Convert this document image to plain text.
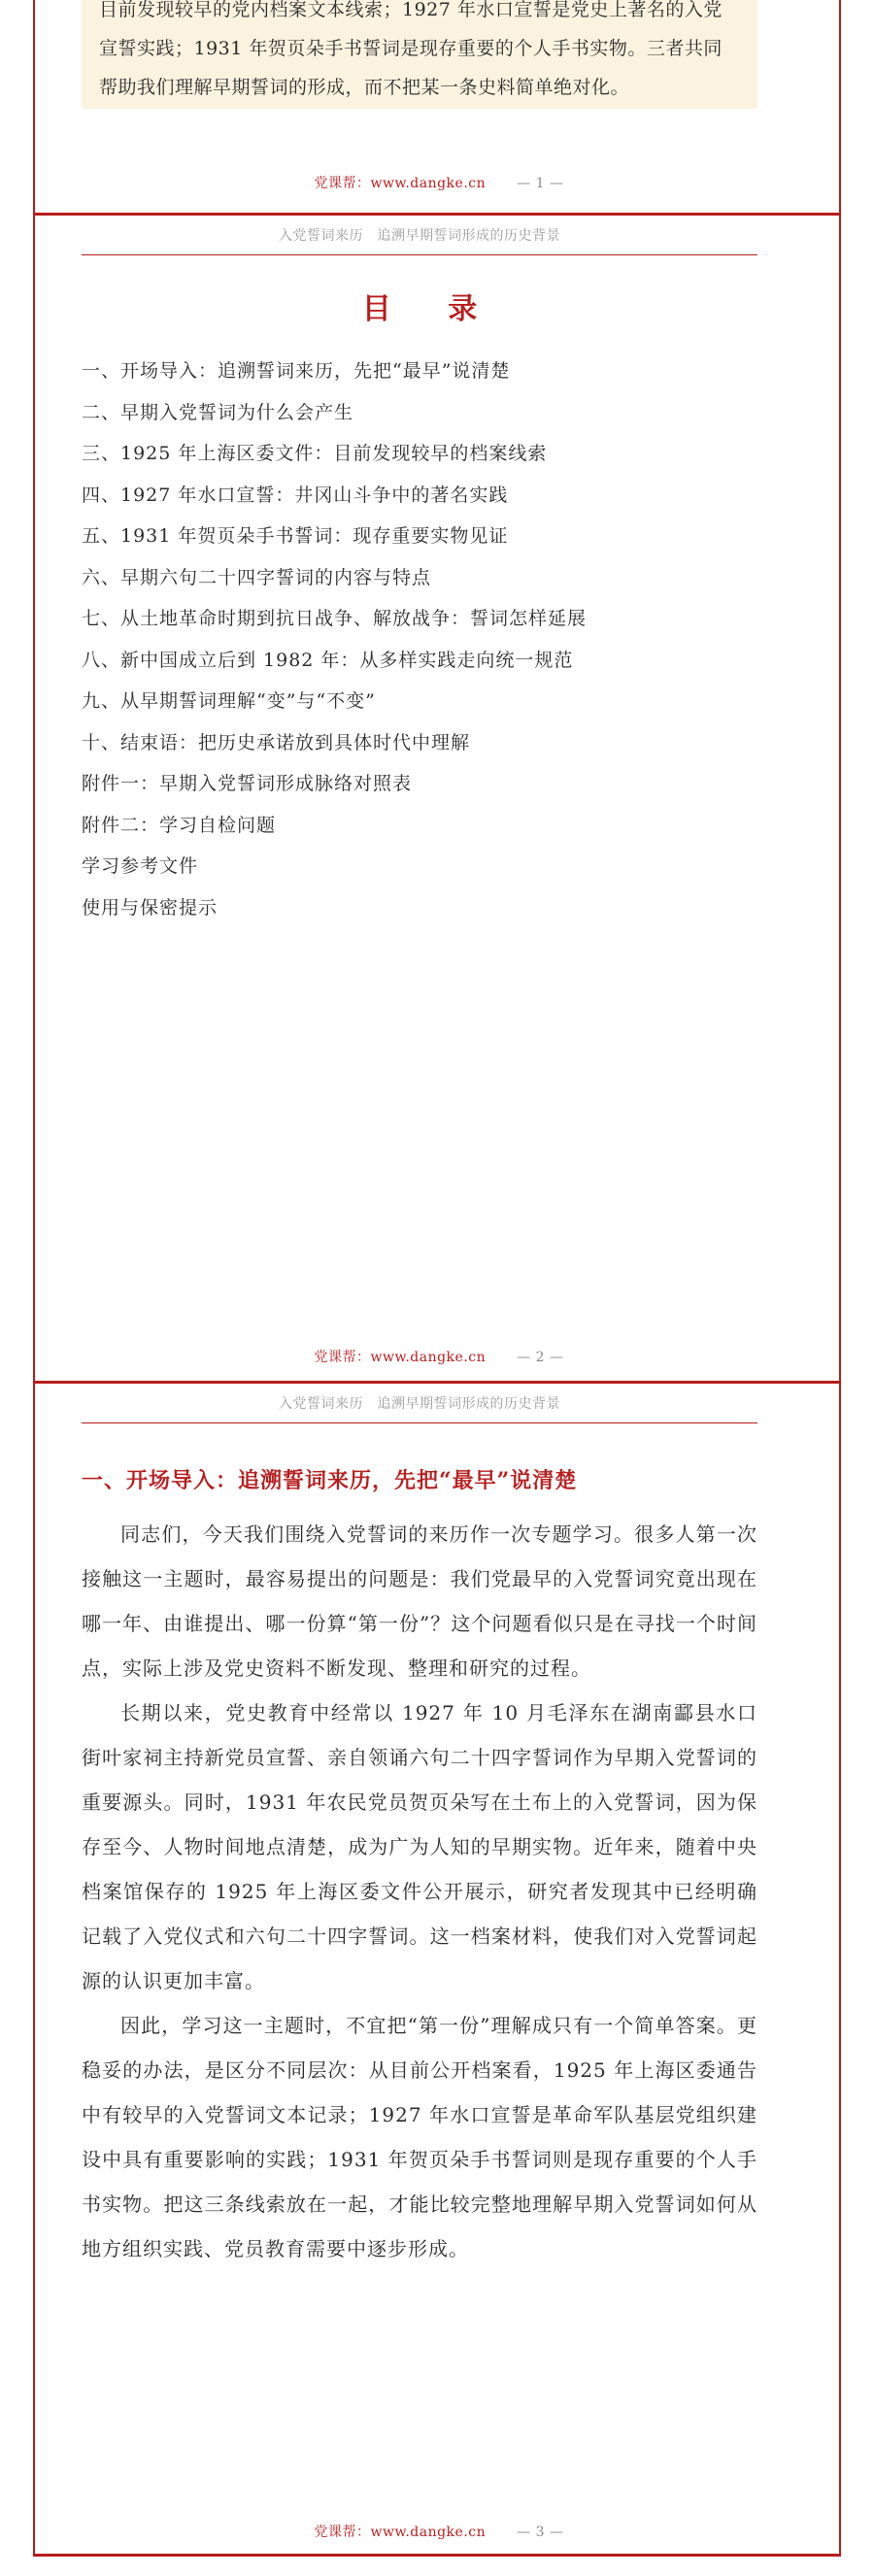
党课帮：www.dangke.cn — 1 —
目前发现较早的党内档案文本线索；1927 年水口宣誓是党史上著名的入党
宣誓实践；1931 年贺页朵手书誓词是现存重要的个人手书实物。三者共同
帮助我们理解早期誓词的形成，而不把某一条史料简单绝对化。
党课帮：www.dangke.cn — 2 —
入党誓词来历　追溯早期誓词形成的历史背景
目 录
一、开场导入：追溯誓词来历，先把“最早”说清楚
二、早期入党誓词为什么会产生
三、1925 年上海区委文件：目前发现较早的档案线索
四、1927 年水口宣誓：井冈山斗争中的著名实践
五、1931 年贺页朵手书誓词：现存重要实物见证
六、早期六句二十四字誓词的内容与特点
七、从土地革命时期到抗日战争、解放战争：誓词怎样延展
八、新中国成立后到 1982 年：从多样实践走向统一规范
九、从早期誓词理解“变”与“不变”
十、结束语：把历史承诺放到具体时代中理解
附件一：早期入党誓词形成脉络对照表
附件二：学习自检问题
学习参考文件
使用与保密提示
党课帮：www.dangke.cn — 3 —
入党誓词来历　追溯早期誓词形成的历史背景
一、开场导入：追溯誓词来历，先把“最早”说清楚

同志们，今天我们围绕入党誓词的来历作一次专题学习。很多人第一次接触这一主题时，最容易提出的问题是：我们党最早的入党誓词究竟出现在哪一年、由谁提出、哪一份算“第一份”？这个问题看似只是在寻找一个时间点，实际上涉及党史资料不断发现、整理和研究的过程。

长期以来，党史教育中经常以 1927 年 10 月毛泽东在湖南酃县水口街叶家祠主持新党员宣誓、亲自领诵六句二十四字誓词作为早期入党誓词的重要源头。同时，1931 年农民党员贺页朵写在土布上的入党誓词，因为保存至今、人物时间地点清楚，成为广为人知的早期实物。近年来，随着中央档案馆保存的 1925 年上海区委文件公开展示，研究者发现其中已经明确记载了入党仪式和六句二十四字誓词。这一档案材料，使我们对入党誓词起源的认识更加丰富。

因此，学习这一主题时，不宜把“第一份”理解成只有一个简单答案。更稳妥的办法，是区分不同层次：从目前公开档案看，1925 年上海区委通告中有较早的入党誓词文本记录；1927 年水口宣誓是革命军队基层党组织建设中具有重要影响的实践；1931 年贺页朵手书誓词则是现存重要的个人手书实物。把这三条线索放在一起，才能比较完整地理解早期入党誓词如何从地方组织实践、党员教育需要中逐步形成。
